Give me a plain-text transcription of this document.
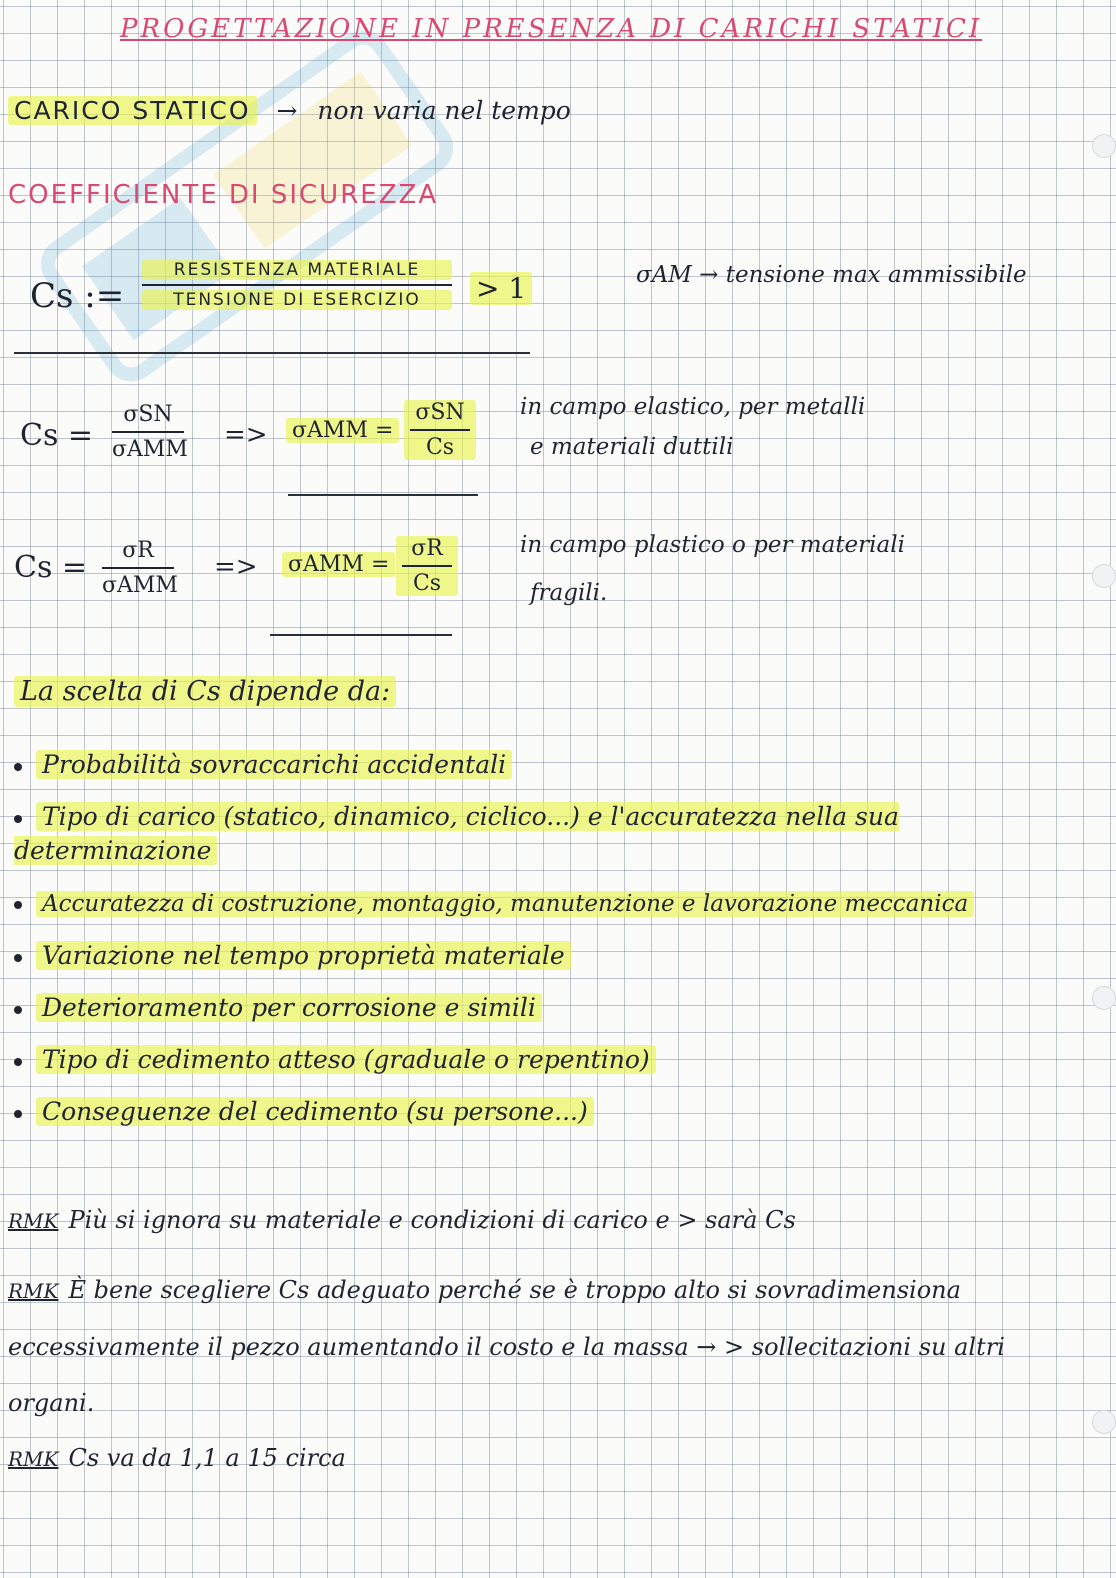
PROGETTAZIONE IN PRESENZA DI CARICHI STATICI
CARICO STATICO → non varia nel tempo
COEFFICIENTE DI SICUREZZA
Cs :=
RESISTENZA MATERIALE
TENSIONE DI ESERCIZIO	> 1	σAM → tensione max ammissibile
Cs =
σSN
σAMM => σAMM =
σSN
Cs
in campo elastico, per metalli
e materiali duttili
Cs =	σR
σAMM
=> σAMM =
σR
Cs
in campo plastico o per materiali
fragili.
La scelta di Cs dipende da:
Probabilità sovraccarichi accidentali
Tipo di carico (statico, dinamico, ciclico...) e l'accuratezza nella sua determinazione
Accuratezza di costruzione, montaggio, manutenzione e lavorazione meccanica
Variazione nel tempo proprietà materiale
Deterioramento per corrosione e simili
Tipo di cedimento atteso (graduale o repentino)
Conseguenze del cedimento (su persone...)
RMK Più si ignora su materiale e condizioni di carico e > sarà Cs
RMK È bene scegliere Cs adeguato perché se è troppo alto si sovradimensiona eccessivamente il pezzo aumentando il costo e la massa → > sollecitazioni su altri organi.
RMK Cs va da 1,1 a 15 circa
